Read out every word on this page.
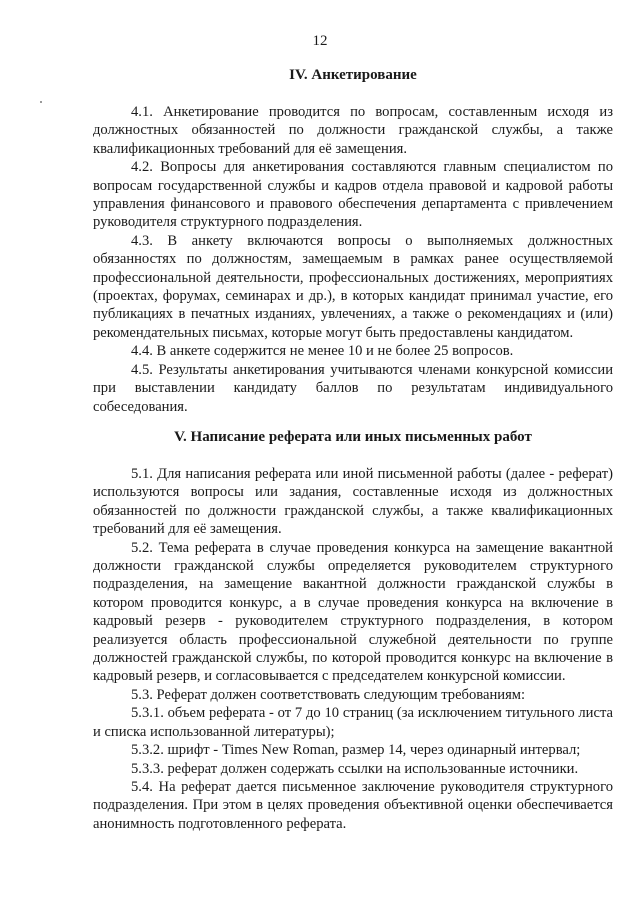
12
IV. Анкетирование

4.1. Анкетирование проводится по вопросам, составленным исходя из должностных обязанностей по должности гражданской службы, а также квалификационных требований для её замещения.

4.2. Вопросы для анкетирования составляются главным специалистом по вопросам государственной службы и кадров отдела правовой и кадровой работы управления финансового и правового обеспечения департамента с привлечением руководителя структурного подразделения.

4.3. В анкету включаются вопросы о выполняемых должностных обязанностях по должностям, замещаемым в рамках ранее осуществляемой профессиональной деятельности, профессиональных достижениях, мероприятиях (проектах, форумах, семинарах и др.), в которых кандидат принимал участие, его публикациях в печатных изданиях, увлечениях, а также о рекомендациях и (или) рекомендательных письмах, которые могут быть предоставлены кандидатом.

4.4. В анкете содержится не менее 10 и не более 25 вопросов.

4.5. Результаты анкетирования учитываются членами конкурсной комиссии при выставлении кандидату баллов по результатам индивидуального собеседования.

V. Написание реферата или иных письменных работ

5.1. Для написания реферата или иной письменной работы (далее - реферат) используются вопросы или задания, составленные исходя из должностных обязанностей по должности гражданской службы, а также квалификационных требований для её замещения.

5.2. Тема реферата в случае проведения конкурса на замещение вакантной должности гражданской службы определяется руководителем структурного подразделения, на замещение вакантной должности гражданской службы в котором проводится конкурс, а в случае проведения конкурса на включение в кадровый резерв - руководителем структурного подразделения, в котором реализуется область профессиональной служебной деятельности по группе должностей гражданской службы, по которой проводится конкурс на включение в кадровый резерв, и согласовывается с председателем конкурсной комиссии.

5.3. Реферат должен соответствовать следующим требованиям:

5.3.1. объем реферата - от 7 до 10 страниц (за исключением титульного листа и списка использованной литературы);

5.3.2. шрифт - Times New Roman, размер 14, через одинарный интервал;

5.3.3. реферат должен содержать ссылки на использованные источники.

5.4. На реферат дается письменное заключение руководителя структурного подразделения. При этом в целях проведения объективной оценки обеспечивается анонимность подготовленного реферата.
